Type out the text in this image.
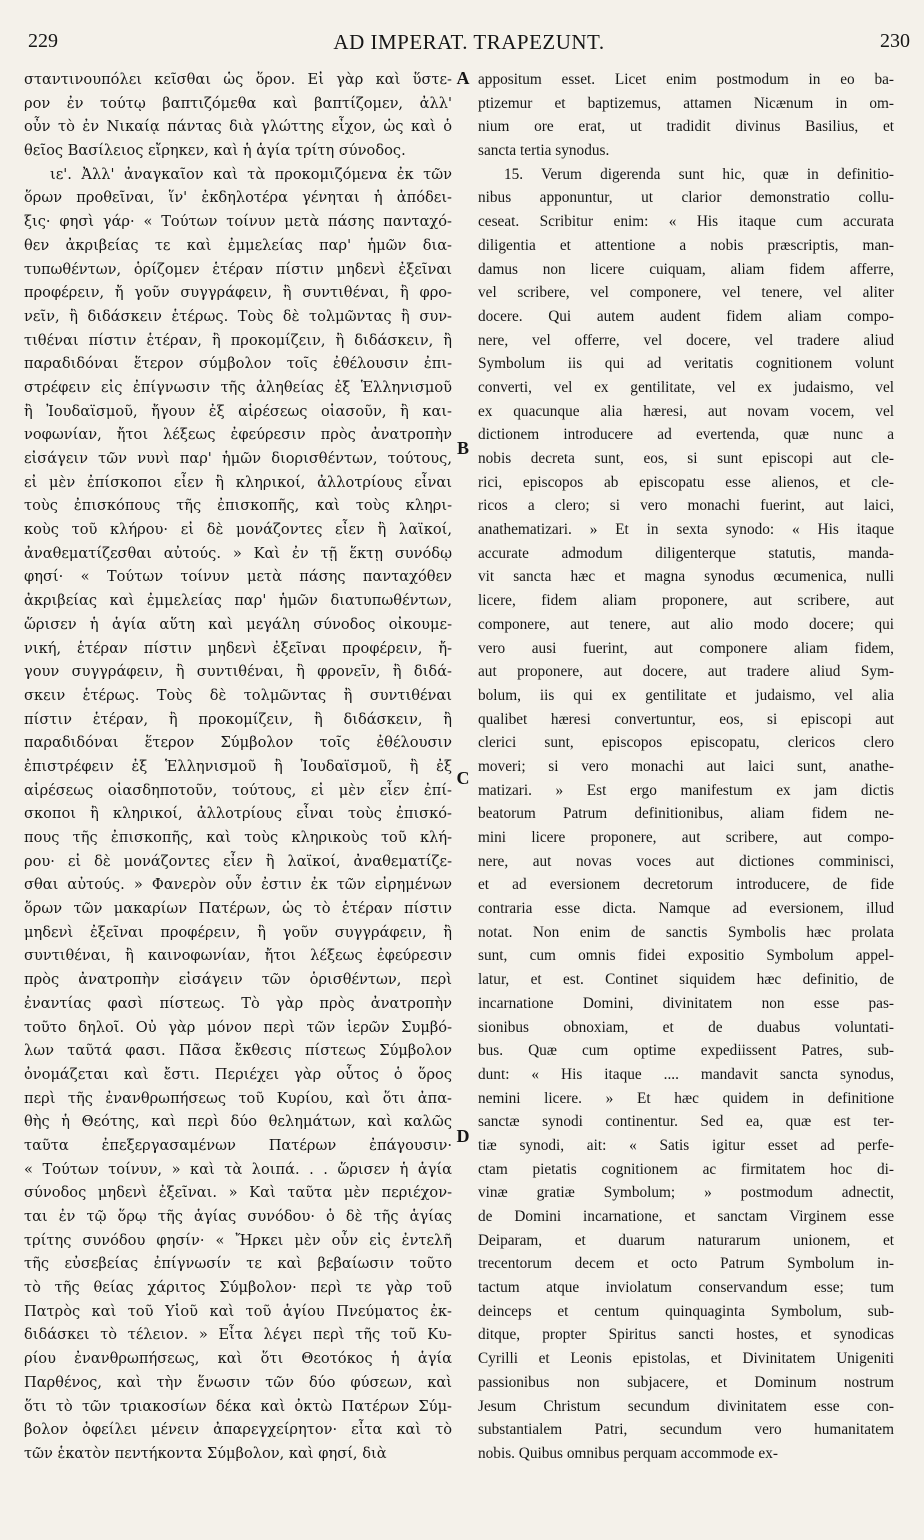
229	AD IMPERAT. TRAPEZUNT.	230
σταντινουπόλει κεῖσθαι ὡς ὅρον. Εἰ γὰρ καὶ ὕστε-
ρον ἐν τούτῳ βαπτιζόμεθα καὶ βαπτίζομεν, ἀλλ'
οὖν τὸ ἐν Νικαίᾳ πάντας διὰ γλώττης εἶχον, ὡς καὶ ὁ
θεῖος Βασίλειος εἴρηκεν, καὶ ἡ ἁγία τρίτη σύνοδος.
ιε'. Ἀλλ' ἀναγκαῖον καὶ τὰ προκομιζόμενα ἐκ τῶν
ὅρων προθεῖναι, ἵν' ἐκδηλοτέρα γένηται ἡ ἀπόδει-
ξις· φησὶ γάρ· « Τούτων τοίνυν μετὰ πάσης πανταχό-
θεν ἀκριβείας τε καὶ ἐμμελείας παρ' ἡμῶν δια-
τυπωθέντων, ὁρίζομεν ἑτέραν πίστιν μηδενὶ ἐξεῖναι
προφέρειν, ἤ γοῦν συγγράφειν, ἢ συντιθέναι, ἢ φρο-
νεῖν, ἢ διδάσκειν ἑτέρως. Τοὺς δὲ τολμῶντας ἢ συν-
τιθέναι πίστιν ἑτέραν, ἢ προκομίζειν, ἢ διδάσκειν, ἢ
παραδιδόναι ἕτερον σύμβολον τοῖς ἐθέλουσιν ἐπι-
στρέφειν εἰς ἐπίγνωσιν τῆς ἀληθείας ἐξ Ἑλληνισμοῦ
ἢ Ἰουδαϊσμοῦ, ἤγουν ἐξ αἱρέσεως οἱασοῦν, ἢ και-
νοφωνίαν, ἤτοι λέξεως ἐφεύρεσιν πρὸς ἀνατροπὴν
εἰσάγειν τῶν νυνὶ παρ' ἡμῶν διορισθέντων, τούτους,
εἰ μὲν ἐπίσκοποι εἶεν ἢ κληρικοί, ἀλλοτρίους εἶναι
τοὺς ἐπισκόπους τῆς ἐπισκοπῆς, καὶ τοὺς κληρι-
κοὺς τοῦ κλήρου· εἰ δὲ μονάζοντες εἶεν ἢ λαϊκοί,
ἀναθεματίζεσθαι αὐτούς. » Καὶ ἐν τῇ ἕκτῃ συνόδῳ
φησί· « Τούτων τοίνυν μετὰ πάσης πανταχόθεν
ἀκριβείας καὶ ἐμμελείας παρ' ἡμῶν διατυπωθέντων,
ὥρισεν ἡ ἁγία αὕτη καὶ μεγάλη σύνοδος οἰκουμε-
νική, ἑτέραν πίστιν μηδενὶ ἐξεῖναι προφέρειν, ἤ-
γουν συγγράφειν, ἢ συντιθέναι, ἢ φρονεῖν, ἢ διδά-
σκειν ἑτέρως. Τοὺς δὲ τολμῶντας ἢ συντιθέναι
πίστιν ἑτέραν, ἢ προκομίζειν, ἢ διδάσκειν, ἢ
παραδιδόναι ἕτερον Σύμβολον τοῖς ἐθέλουσιν
ἐπιστρέφειν ἐξ Ἑλληνισμοῦ ἢ Ἰουδαϊσμοῦ, ἢ ἐξ
αἱρέσεως οἱασδηποτοῦν, τούτους, εἰ μὲν εἶεν ἐπί-
σκοποι ἢ κληρικοί, ἀλλοτρίους εἶναι τοὺς ἐπισκό-
πους τῆς ἐπισκοπῆς, καὶ τοὺς κληρικοὺς τοῦ κλή-
ρου· εἰ δὲ μονάζοντες εἶεν ἢ λαϊκοί, ἀναθεματίζε-
σθαι αὐτούς. » Φανερὸν οὖν ἐστιν ἐκ τῶν εἰρημένων
ὅρων τῶν μακαρίων Πατέρων, ὡς τὸ ἑτέραν πίστιν
μηδενὶ ἐξεῖναι προφέρειν, ἢ γοῦν συγγράφειν, ἢ
συντιθέναι, ἢ καινοφωνίαν, ἤτοι λέξεως ἐφεύρεσιν
πρὸς ἀνατροπὴν εἰσάγειν τῶν ὁρισθέντων, περὶ
ἐναντίας φασὶ πίστεως. Τὸ γὰρ πρὸς ἀνατροπὴν
τοῦτο δηλοῖ. Οὐ γὰρ μόνον περὶ τῶν ἱερῶν Συμβό-
λων ταῦτά φασι. Πᾶσα ἔκθεσις πίστεως Σύμβολον
ὀνομάζεται καὶ ἔστι. Περιέχει γὰρ οὗτος ὁ ὅρος
περὶ τῆς ἐνανθρωπήσεως τοῦ Κυρίου, καὶ ὅτι ἀπα-
θὴς ἡ Θεότης, καὶ περὶ δύο θελημάτων, καὶ καλῶς
ταῦτα ἐπεξεργασαμένων Πατέρων ἐπάγουσιν·
« Τούτων τοίνυν, » καὶ τὰ λοιπά. . . ὥρισεν ἡ ἁγία
σύνοδος μηδενὶ ἐξεῖναι. » Καὶ ταῦτα μὲν περιέχον-
ται ἐν τῷ ὅρῳ τῆς ἁγίας συνόδου· ὁ δὲ τῆς ἁγίας
τρίτης συνόδου φησίν· « Ἤρκει μὲν οὖν εἰς ἐντελῆ
τῆς εὐσεβείας ἐπίγνωσίν τε καὶ βεβαίωσιν τοῦτο
τὸ τῆς θείας χάριτος Σύμβολον· περὶ τε γὰρ τοῦ
Πατρὸς καὶ τοῦ Υἱοῦ καὶ τοῦ ἁγίου Πνεύματος ἐκ-
διδάσκει τὸ τέλειον. » Εἶτα λέγει περὶ τῆς τοῦ Κυ-
ρίου ἐνανθρωπήσεως, καὶ ὅτι Θεοτόκος ἡ ἁγία
Παρθένος, καὶ τὴν ἕνωσιν τῶν δύο φύσεων, καὶ
ὅτι τὸ τῶν τριακοσίων δέκα καὶ ὀκτὼ Πατέρων Σύμ-
βολον ὀφείλει μένειν ἀπαρεγχείρητον· εἶτα καὶ τὸ
τῶν ἑκατὸν πεντήκοντα Σύμβολον, καὶ φησί, διὰ
appositum esset. Licet enim postmodum in eo ba-
ptizemur et baptizemus, attamen Nicænum in om-
nium ore erat, ut tradidit divinus Basilius, et
sancta tertia synodus.
15. Verum digerenda sunt hic, quæ in definitio-
nibus apponuntur, ut clarior demonstratio collu-
ceseat. Scribitur enim: « His itaque cum accurata
diligentia et attentione a nobis præscriptis, man-
damus non licere cuiquam, aliam fidem afferre,
vel scribere, vel componere, vel tenere, vel aliter
docere. Qui autem audent fidem aliam compo-
nere, vel offerre, vel docere, vel tradere aliud
Symbolum iis qui ad veritatis cognitionem volunt
converti, vel ex gentilitate, vel ex judaismo, vel
ex quacunque alia hæresi, aut novam vocem, vel
dictionem introducere ad evertenda, quæ nunc a
nobis decreta sunt, eos, si sunt episcopi aut cle-
rici, episcopos ab episcopatu esse alienos, et cle-
ricos a clero; si vero monachi fuerint, aut laici,
anathematizari. » Et in sexta synodo: « His itaque
accurate admodum diligenterque statutis, manda-
vit sancta hæc et magna synodus œcumenica, nulli
licere, fidem aliam proponere, aut scribere, aut
componere, aut tenere, aut alio modo docere; qui
vero ausi fuerint, aut componere aliam fidem,
aut proponere, aut docere, aut tradere aliud Sym-
bolum, iis qui ex gentilitate et judaismo, vel alia
qualibet hæresi convertuntur, eos, si episcopi aut
clerici sunt, episcopos episcopatu, clericos clero
moveri; si vero monachi aut laici sunt, anathe-
matizari. » Est ergo manifestum ex jam dictis
beatorum Patrum definitionibus, aliam fidem ne-
mini licere proponere, aut scribere, aut compo-
nere, aut novas voces aut dictiones comminisci,
et ad eversionem decretorum introducere, de fide
contraria esse dicta. Namque ad eversionem, illud
notat. Non enim de sanctis Symbolis hæc prolata
sunt, cum omnis fidei expositio Symbolum appel-
latur, et est. Continet siquidem hæc definitio, de
incarnatione Domini, divinitatem non esse pas-
sionibus obnoxiam, et de duabus voluntati-
bus. Quæ cum optime expediissent Patres, sub-
dunt: « His itaque .... mandavit sancta synodus,
nemini licere. » Et hæc quidem in definitione
sanctæ synodi continentur. Sed ea, quæ est ter-
tiæ synodi, ait: « Satis igitur esset ad perfe-
ctam pietatis cognitionem ac firmitatem hoc di-
vinæ gratiæ Symbolum; » postmodum adnectit,
de Domini incarnatione, et sanctam Virginem esse
Deiparam, et duarum naturarum unionem, et
trecentorum decem et octo Patrum Symbolum in-
tactum atque inviolatum conservandum esse; tum
deinceps et centum quinquaginta Symbolum, sub-
ditque, propter Spiritus sancti hostes, et synodicas
Cyrilli et Leonis epistolas, et Divinitatem Unigeniti
passionibus non subjacere, et Dominum nostrum
Jesum Christum secundum divinitatem esse con-
substantialem Patri, secundum vero humanitatem
nobis. Quibus omnibus perquam accommode ex-
A
B
C
D
